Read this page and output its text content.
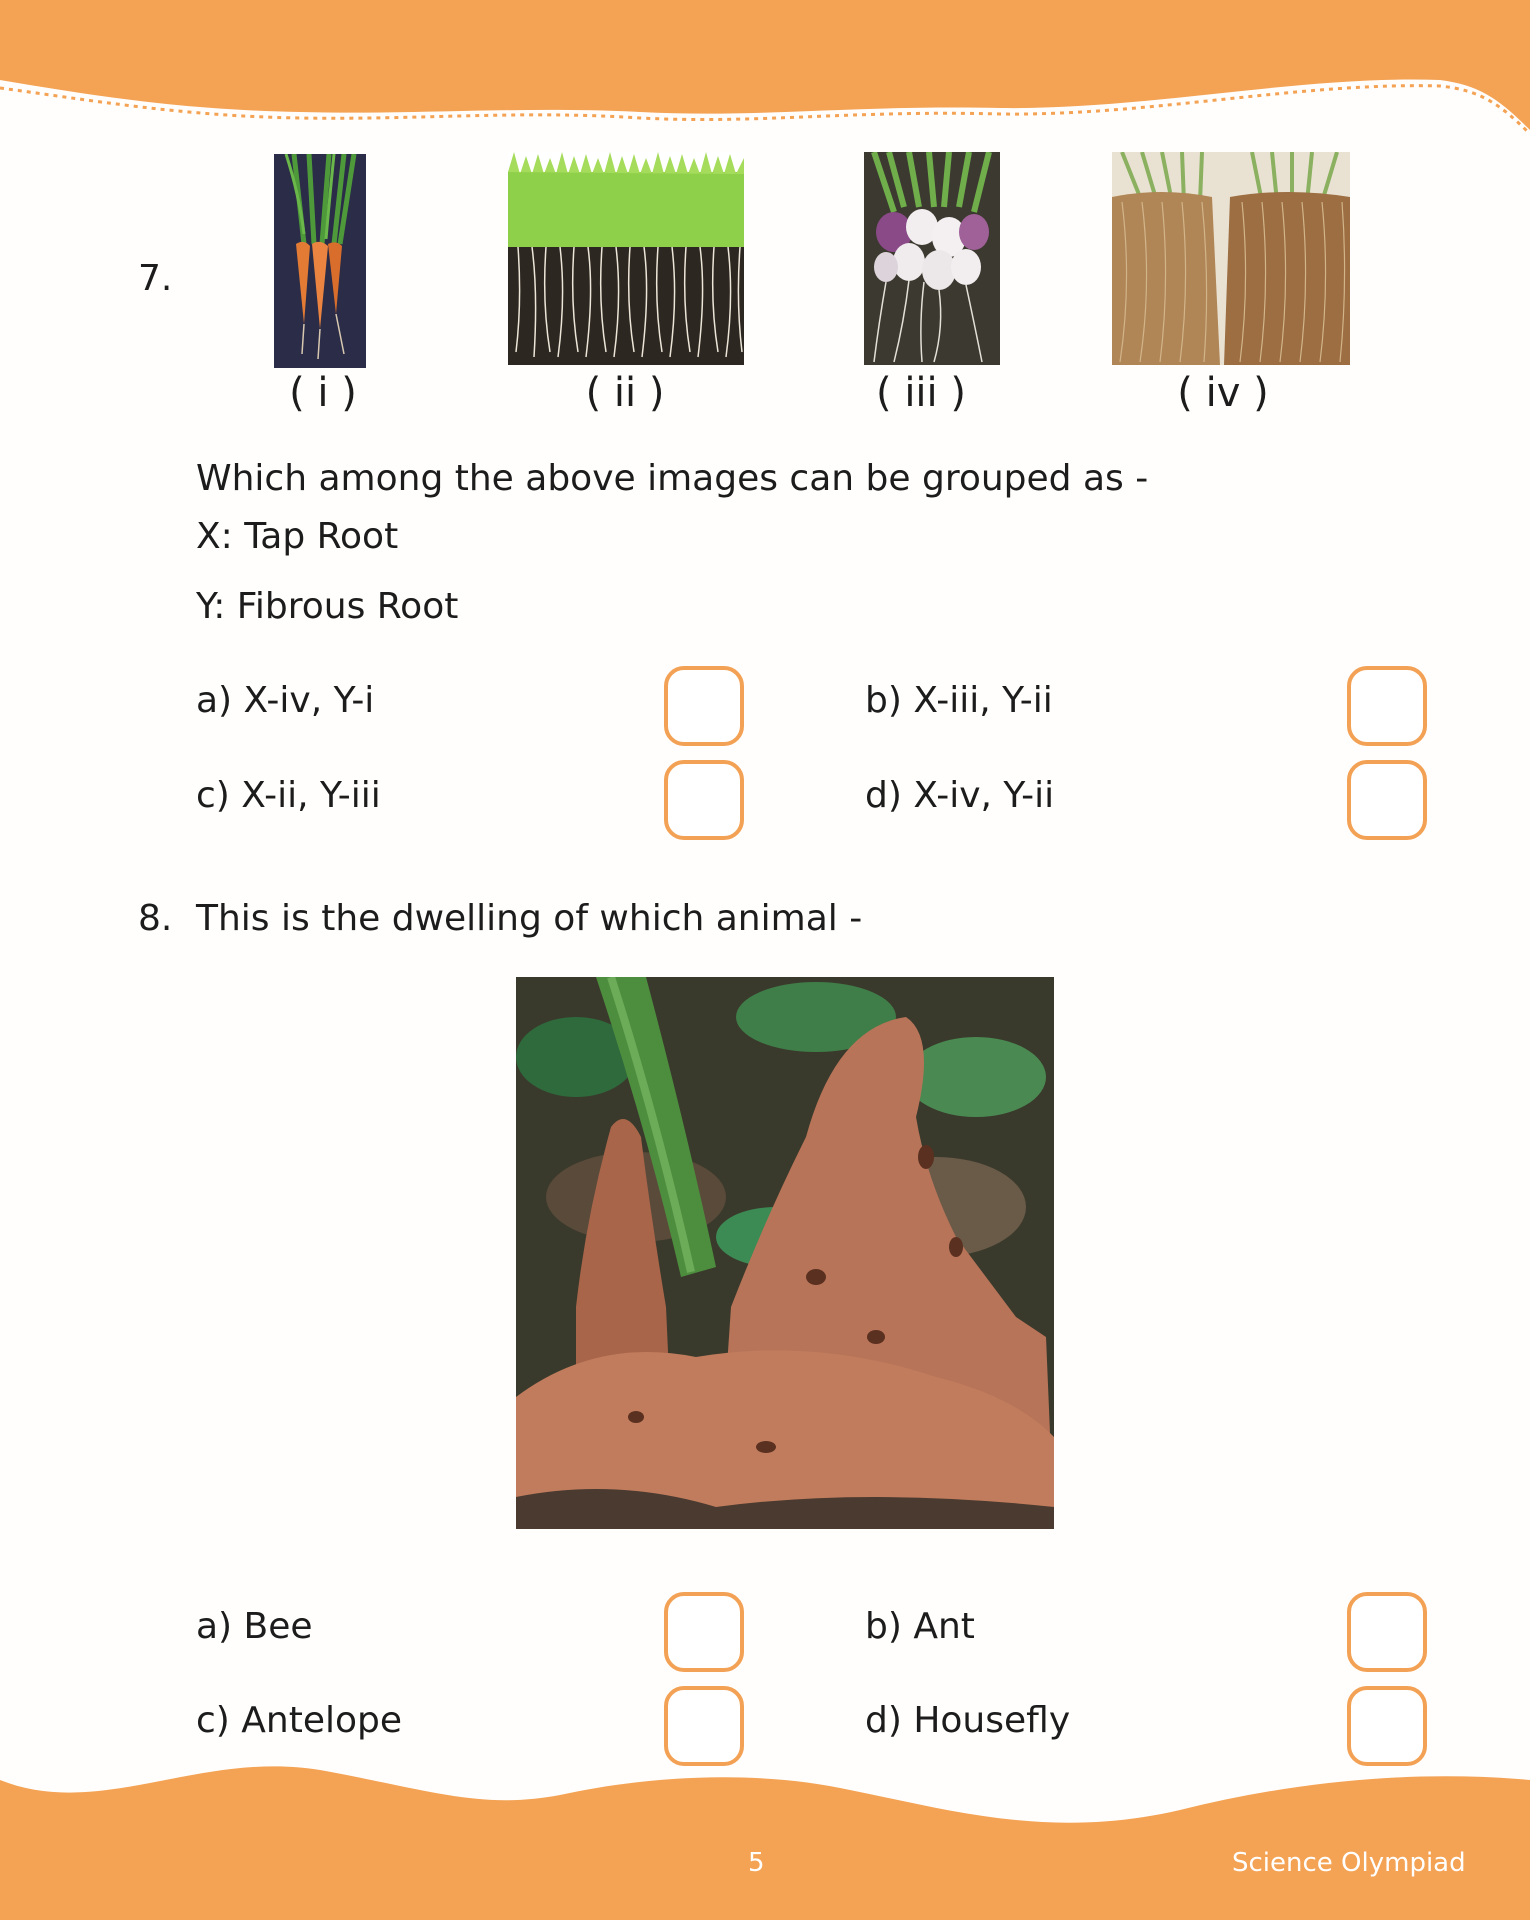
7.
( i )	( ii )	( iii )	( iv )
Which among the above images can be grouped as -
X: Tap Root
Y: Fibrous Root
a) X-iv, Y-i	b) X-iii, Y-ii
c) X-ii, Y-iii	d) X-iv, Y-ii
8. This is the dwelling of which animal -
a) Bee	b) Ant
c) Antelope	d) Housefly
5	Science Olympiad
